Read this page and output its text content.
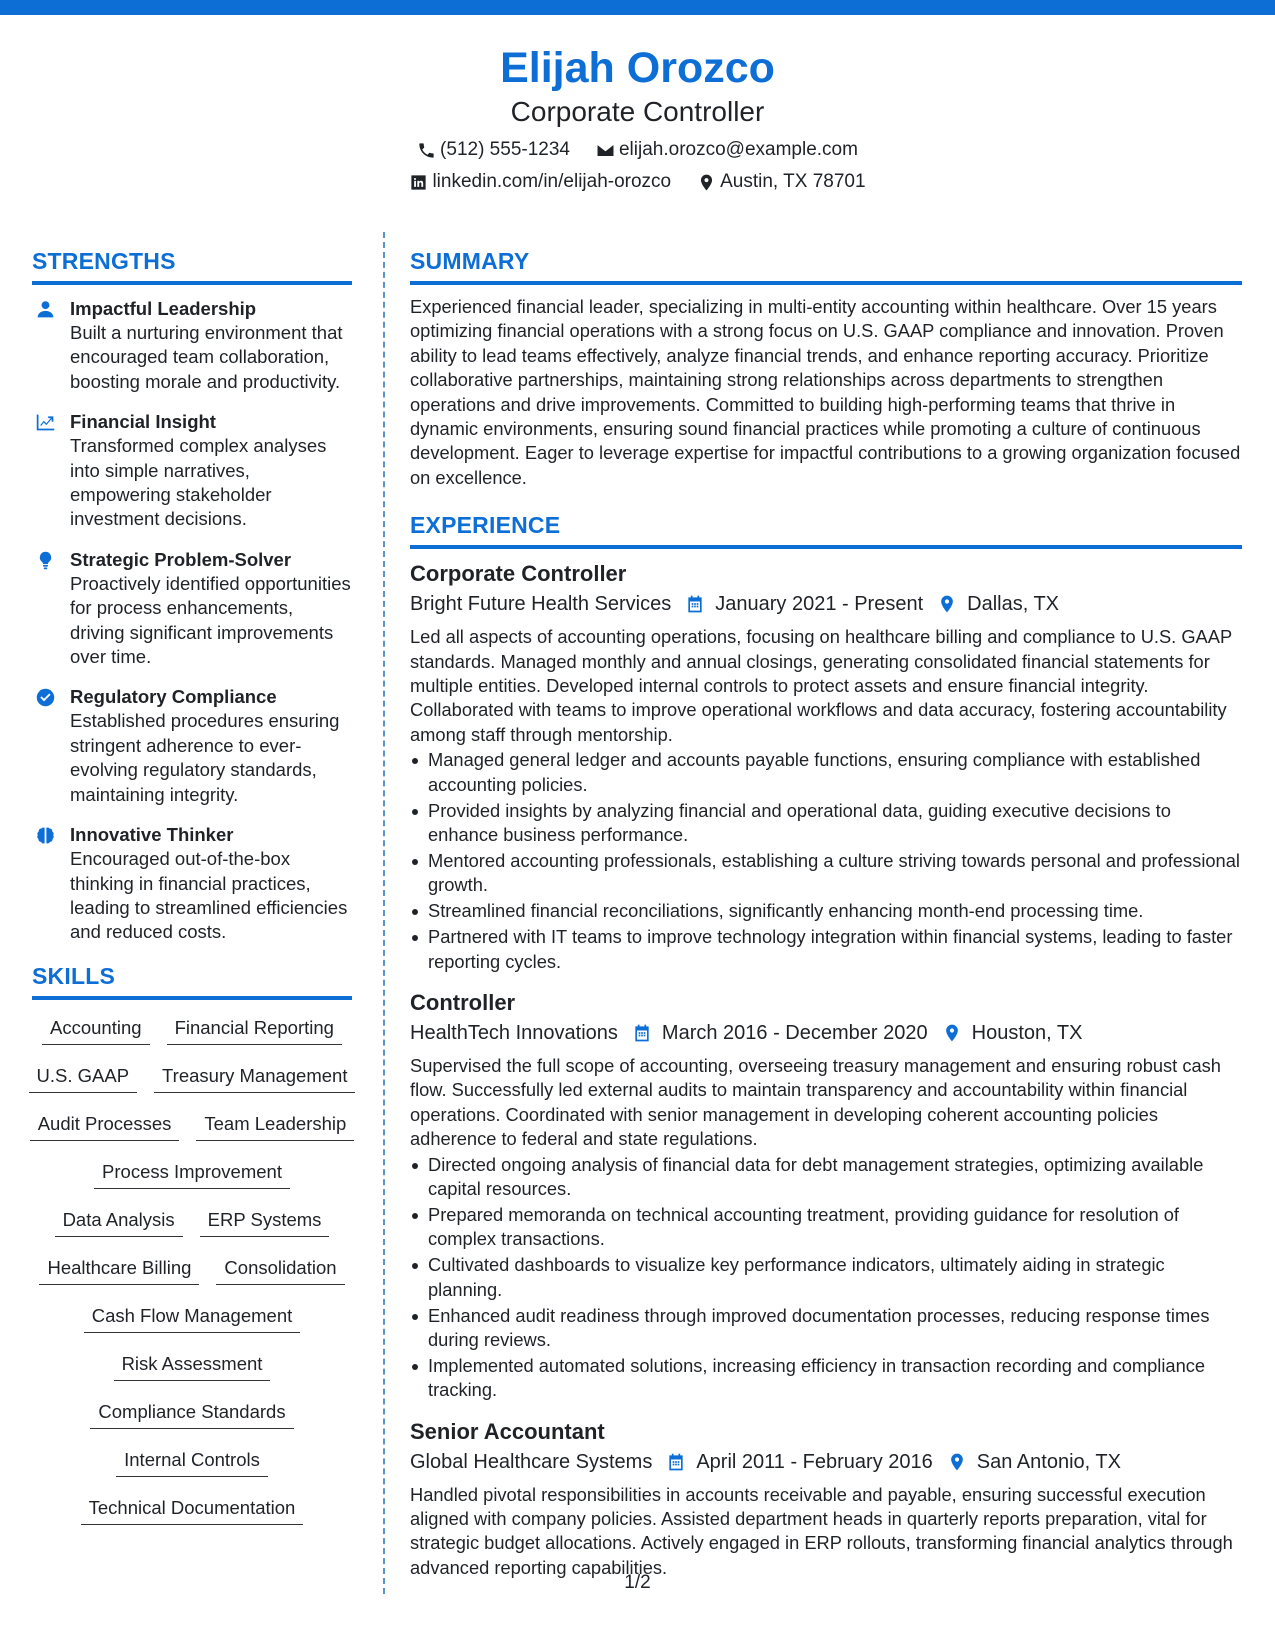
Elijah Orozco
Corporate Controller
(512) 555-1234	elijah.orozco@example.com
linkedin.com/in/elijah-orozco	Austin, TX 78701
STRENGTHS
Impactful Leadership
Built a nurturing environment that encouraged team collaboration, boosting morale and productivity.
Financial Insight
Transformed complex analyses into simple narratives, empowering stakeholder investment decisions.
Strategic Problem-Solver
Proactively identified opportunities for process enhancements, driving significant improvements over time.
Regulatory Compliance
Established procedures ensuring stringent adherence to ever-evolving regulatory standards, maintaining integrity.
Innovative Thinker
Encouraged out-of-the-box thinking in financial practices, leading to streamlined efficiencies and reduced costs.
SKILLS
Accounting	Financial Reporting
U.S. GAAP	Treasury Management
Audit Processes	Team Leadership
Process Improvement
Data Analysis	ERP Systems
Healthcare Billing	Consolidation
Cash Flow Management
Risk Assessment
Compliance Standards
Internal Controls
Technical Documentation
SUMMARY
Experienced financial leader, specializing in multi-entity accounting within healthcare. Over 15 years optimizing financial operations with a strong focus on U.S. GAAP compliance and innovation. Proven ability to lead teams effectively, analyze financial trends, and enhance reporting accuracy. Prioritize collaborative partnerships, maintaining strong relationships across departments to strengthen operations and drive improvements. Committed to building high-performing teams that thrive in dynamic environments, ensuring sound financial practices while promoting a culture of continuous development. Eager to leverage expertise for impactful contributions to a growing organization focused on excellence.
EXPERIENCE
Corporate Controller
Bright Future Health Services January 2021 - Present Dallas, TX
Led all aspects of accounting operations, focusing on healthcare billing and compliance to U.S. GAAP standards. Managed monthly and annual closings, generating consolidated financial statements for multiple entities. Developed internal controls to protect assets and ensure financial integrity. Collaborated with teams to improve operational workflows and data accuracy, fostering accountability among staff through mentorship.
Managed general ledger and accounts payable functions, ensuring compliance with established accounting policies.
Provided insights by analyzing financial and operational data, guiding executive decisions to enhance business performance.
Mentored accounting professionals, establishing a culture striving towards personal and professional growth.
Streamlined financial reconciliations, significantly enhancing month-end processing time.
Partnered with IT teams to improve technology integration within financial systems, leading to faster reporting cycles.
Controller
HealthTech Innovations March 2016 - December 2020 Houston, TX
Supervised the full scope of accounting, overseeing treasury management and ensuring robust cash flow. Successfully led external audits to maintain transparency and accountability within financial operations. Coordinated with senior management in developing coherent accounting policies adherence to federal and state regulations.
Directed ongoing analysis of financial data for debt management strategies, optimizing available capital resources.
Prepared memoranda on technical accounting treatment, providing guidance for resolution of complex transactions.
Cultivated dashboards to visualize key performance indicators, ultimately aiding in strategic planning.
Enhanced audit readiness through improved documentation processes, reducing response times during reviews.
Implemented automated solutions, increasing efficiency in transaction recording and compliance tracking.
Senior Accountant
Global Healthcare Systems April 2011 - February 2016 San Antonio, TX
Handled pivotal responsibilities in accounts receivable and payable, ensuring successful execution aligned with company policies. Assisted department heads in quarterly reports preparation, vital for strategic budget allocations. Actively engaged in ERP rollouts, transforming financial analytics through advanced reporting capabilities.
1/2
